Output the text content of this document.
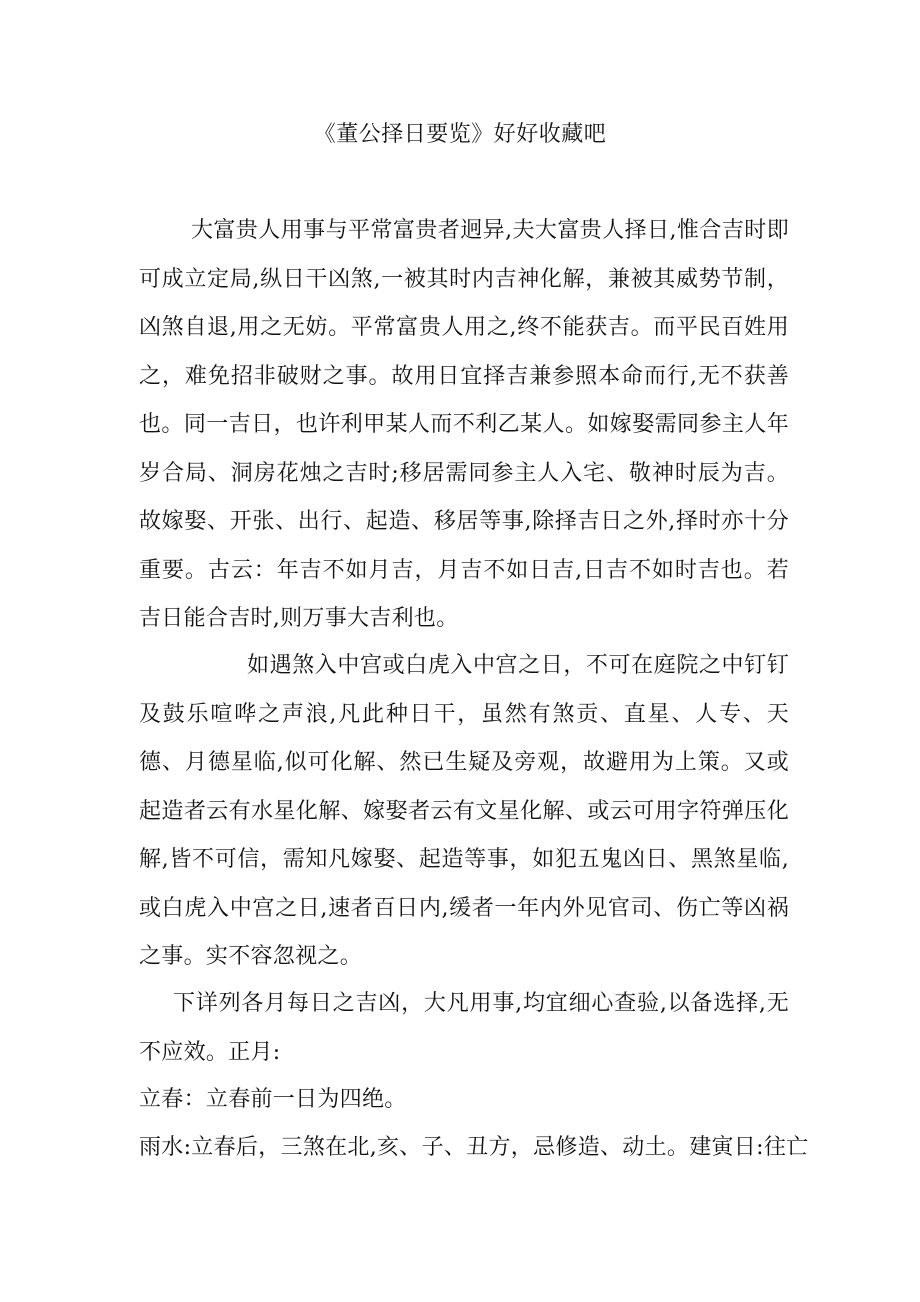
《董公择日要览》好好收藏吧

大富贵人用事与平常富贵者迥异,夫大富贵人择日,惟合吉时即可成立定局,纵日干凶煞,一被其时内吉神化解，兼被其威势节制，凶煞自退,用之无妨。平常富贵人用之,终不能获吉。而平民百姓用之，难免招非破财之事。故用日宜择吉兼参照本命而行,无不获善也。同一吉日，也许利甲某人而不利乙某人。如嫁娶需同参主人年岁合局、洞房花烛之吉时;移居需同参主人入宅、敬神时辰为吉。故嫁娶、开张、出行、起造、移居等事,除择吉日之外,择时亦十分重要。古云：年吉不如月吉，月吉不如日吉,日吉不如时吉也。若吉日能合吉时,则万事大吉利也。

如遇煞入中宫或白虎入中宫之日，不可在庭院之中钉钉及鼓乐喧哗之声浪,凡此种日干，虽然有煞贡、直星、人专、天德、月德星临,似可化解、然已生疑及旁观，故避用为上策。又或起造者云有水星化解、嫁娶者云有文星化解、或云可用字符弹压化解,皆不可信，需知凡嫁娶、起造等事，如犯五鬼凶日、黑煞星临,或白虎入中宫之日,速者百日内,缓者一年内外见官司、伤亡等凶祸之事。实不容忽视之。

下详列各月每日之吉凶，大凡用事,均宜细心查验,以备选择,无不应效。正月:

立春：立春前一日为四绝。

雨水:立春后，三煞在北,亥、子、丑方，忌修造、动土。建寅日:往亡
